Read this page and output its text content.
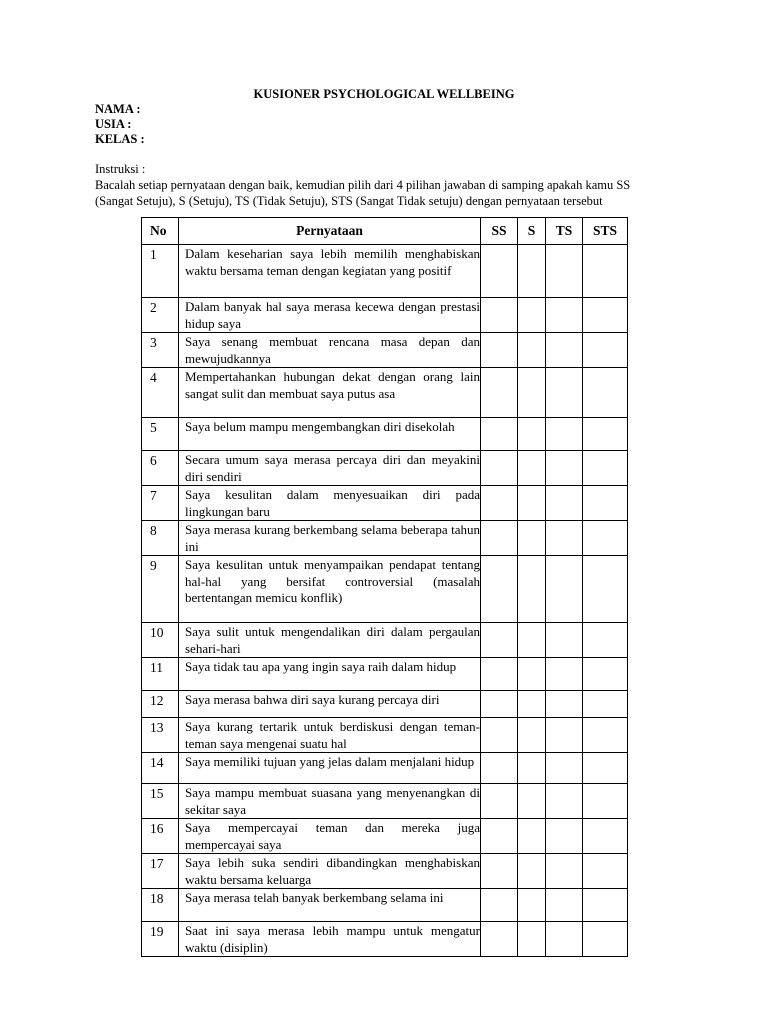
KUSIONER PSYCHOLOGICAL WELLBEING
NAMA :
USIA :
KELAS :
Instruksi :
Bacalah setiap pernyataan dengan baik, kemudian pilih dari 4 pilihan jawaban di samping apakah kamu SS (Sangat Setuju), S (Setuju), TS (Tidak Setuju), STS (Sangat Tidak setuju) dengan pernyataan tersebut
No	Pernyataan	SS	S	TS	STS
1	Dalam keseharian saya lebih memilih menghabiskan waktu bersama teman dengan kegiatan yang positif				
2	Dalam banyak hal saya merasa kecewa dengan prestasi hidup saya				
3	Saya senang membuat rencana masa depan dan mewujudkannya				
4	Mempertahankan hubungan dekat dengan orang lain sangat sulit dan membuat saya putus asa				
5	Saya belum mampu mengembangkan diri disekolah				
6	Secara umum saya merasa percaya diri dan meyakini diri sendiri				
7	Saya kesulitan dalam menyesuaikan diri pada lingkungan baru				
8	Saya merasa kurang berkembang selama beberapa tahun ini				
9	Saya kesulitan untuk menyampaikan pendapat tentang hal-hal yang bersifat controversial (masalah bertentangan memicu konflik)				
10	Saya sulit untuk mengendalikan diri dalam pergaulan sehari-hari				
11	Saya tidak tau apa yang ingin saya raih dalam hidup				
12	Saya merasa bahwa diri saya kurang percaya diri				
13	Saya kurang tertarik untuk berdiskusi dengan teman-teman saya mengenai suatu hal				
14	Saya memiliki tujuan yang jelas dalam menjalani hidup				
15	Saya mampu membuat suasana yang menyenangkan di sekitar saya				
16	Saya mempercayai teman dan mereka juga mempercayai saya				
17	Saya lebih suka sendiri dibandingkan menghabiskan waktu bersama keluarga				
18	Saya merasa telah banyak berkembang selama ini				
19	Saat ini saya merasa lebih mampu untuk mengatur waktu (disiplin)				
